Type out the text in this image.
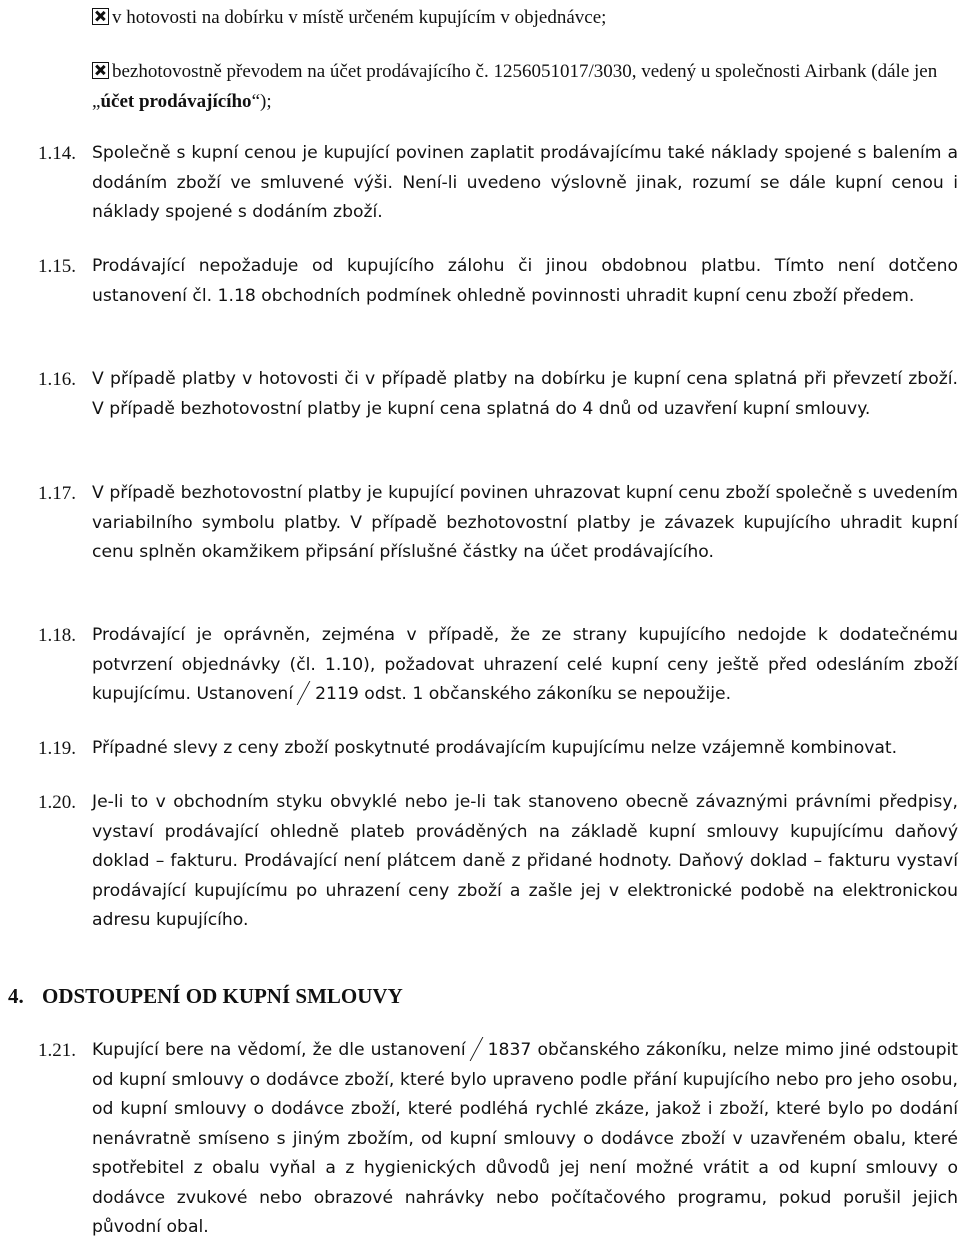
v hotovosti na dobírku v místě určeném kupujícím v objednávce;
bezhotovostně převodem na účet prodávajícího č. 1256051017/3030, vedený u společnosti Airbank (dále jen „účet prodávajícího“);
1.14. Společně s kupní cenou je kupující povinen zaplatit prodávajícímu také náklady spojené s balením a dodáním zboží ve smluvené výši. Není-li uvedeno výslovně jinak, rozumí se dále kupní cenou i náklady spojené s dodáním zboží.
1.15. Prodávající nepožaduje od kupujícího zálohu či jinou obdobnou platbu. Tímto není dotčeno ustanovení čl. 1.18 obchodních podmínek ohledně povinnosti uhradit kupní cenu zboží předem.
1.16. V případě platby v hotovosti či v případě platby na dobírku je kupní cena splatná při převzetí zboží. V případě bezhotovostní platby je kupní cena splatná do 4 dnů od uzavření kupní smlouvy.
1.17. V případě bezhotovostní platby je kupující povinen uhrazovat kupní cenu zboží společně s uvedením variabilního symbolu platby. V případě bezhotovostní platby je závazek kupujícího uhradit kupní cenu splněn okamžikem připsání příslušné částky na účet prodávajícího.
1.18. Prodávající je oprávněn, zejména v případě, že ze strany kupujícího nedojde k dodatečnému potvrzení objednávky (čl. 1.10), požadovat uhrazení celé kupní ceny ještě před odesláním zboží kupujícímu. Ustanovení 2119 odst. 1 občanského zákoníku se nepoužije.
1.19. Případné slevy z ceny zboží poskytnuté prodávajícím kupujícímu nelze vzájemně kombinovat.
1.20. Je-li to v obchodním styku obvyklé nebo je-li tak stanoveno obecně závaznými právními předpisy, vystaví prodávající ohledně plateb prováděných na základě kupní smlouvy kupujícímu daňový doklad – fakturu. Prodávající není plátcem daně z přidané hodnoty. Daňový doklad – fakturu vystaví prodávající kupujícímu po uhrazení ceny zboží a zašle jej v elektronické podobě na elektronickou adresu kupujícího.
4. ODSTOUPENÍ OD KUPNÍ SMLOUVY
1.21. Kupující bere na vědomí, že dle ustanovení 1837 občanského zákoníku, nelze mimo jiné odstoupit od kupní smlouvy o dodávce zboží, které bylo upraveno podle přání kupujícího nebo pro jeho osobu, od kupní smlouvy o dodávce zboží, které podléhá rychlé zkáze, jakož i zboží, které bylo po dodání nenávratně smíseno s jiným zbožím, od kupní smlouvy o dodávce zboží v uzavřeném obalu, které spotřebitel z obalu vyňal a z hygienických důvodů jej není možné vrátit a od kupní smlouvy o dodávce zvukové nebo obrazové nahrávky nebo počítačového programu, pokud porušil jejich původní obal.
